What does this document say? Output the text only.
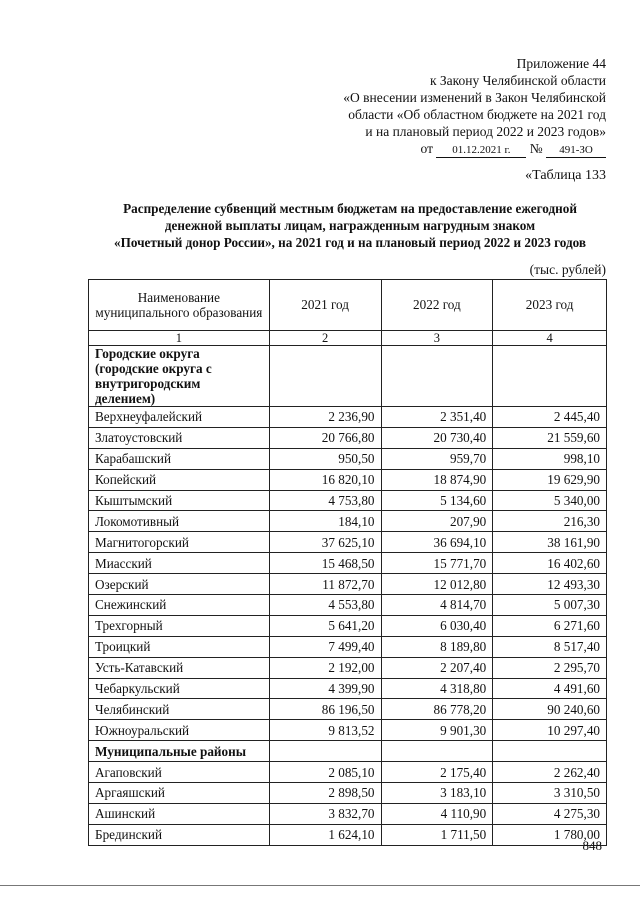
Приложение 44
к Закону Челябинской области
«О внесении изменений в Закон Челябинской
области «Об областном бюджете на 2021 год
и на плановый период 2022 и 2023 годов»
от 01.12.2021 г. № 491-ЗО
«Таблица 133
Распределение субвенций местным бюджетам на предоставление ежегодной
денежной выплаты лицам, награжденным нагрудным знаком
«Почетный донор России», на 2021 год и на плановый период 2022 и 2023 годов
(тыс. рублей)
Наименование муниципального образования	2021 год	2022 год	2023 год
1	2	3	4
Городские округа (городские округа с внутригородским делением)			
Верхнеуфалейский	2 236,90	2 351,40	2 445,40
Златоустовский	20 766,80	20 730,40	21 559,60
Карабашский	950,50	959,70	998,10
Копейский	16 820,10	18 874,90	19 629,90
Кыштымский	4 753,80	5 134,60	5 340,00
Локомотивный	184,10	207,90	216,30
Магнитогорский	37 625,10	36 694,10	38 161,90
Миасский	15 468,50	15 771,70	16 402,60
Озерский	11 872,70	12 012,80	12 493,30
Снежинский	4 553,80	4 814,70	5 007,30
Трехгорный	5 641,20	6 030,40	6 271,60
Троицкий	7 499,40	8 189,80	8 517,40
Усть-Катавский	2 192,00	2 207,40	2 295,70
Чебаркульский	4 399,90	4 318,80	4 491,60
Челябинский	86 196,50	86 778,20	90 240,60
Южноуральский	9 813,52	9 901,30	10 297,40
Муниципальные районы			
Агаповский	2 085,10	2 175,40	2 262,40
Аргаяшский	2 898,50	3 183,10	3 310,50
Ашинский	3 832,70	4 110,90	4 275,30
Брединский	1 624,10	1 711,50	1 780,00
848
